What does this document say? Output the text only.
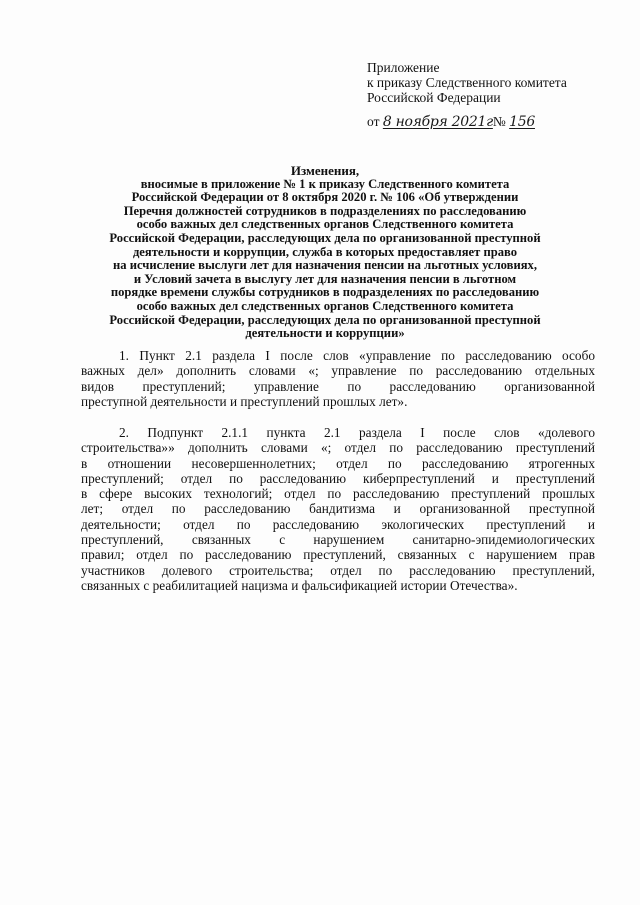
Приложение
к приказу Следственного комитета
Российской Федерации
от 8 ноября 2021г№ 156
Изменения,
вносимые в приложение № 1 к приказу Следственного комитета
Российской Федерации от 8 октября 2020 г. № 106 «Об утверждении
Перечня должностей сотрудников в подразделениях по расследованию
особо важных дел следственных органов Следственного комитета
Российской Федерации, расследующих дела по организованной преступной
деятельности и коррупции, служба в которых предоставляет право
на исчисление выслуги лет для назначения пенсии на льготных условиях,
и Условий зачета в выслугу лет для назначения пенсии в льготном
порядке времени службы сотрудников в подразделениях по расследованию
особо важных дел следственных органов Следственного комитета
Российской Федерации, расследующих дела по организованной преступной
деятельности и коррупции»
1. Пункт 2.1 раздела I после слов «управление по расследованию особо
важных дел» дополнить словами «; управление по расследованию отдельных
видов преступлений; управление по расследованию организованной
преступной деятельности и преступлений прошлых лет».
2. Подпункт 2.1.1 пункта 2.1 раздела I после слов «долевого
строительства»» дополнить словами «; отдел по расследованию преступлений
в отношении несовершеннолетних; отдел по расследованию ятрогенных
преступлений; отдел по расследованию киберпреступлений и преступлений
в сфере высоких технологий; отдел по расследованию преступлений прошлых
лет; отдел по расследованию бандитизма и организованной преступной
деятельности; отдел по расследованию экологических преступлений и
преступлений, связанных с нарушением санитарно-эпидемиологических
правил; отдел по расследованию преступлений, связанных с нарушением прав
участников долевого строительства; отдел по расследованию преступлений,
связанных с реабилитацией нацизма и фальсификацией истории Отечества».
